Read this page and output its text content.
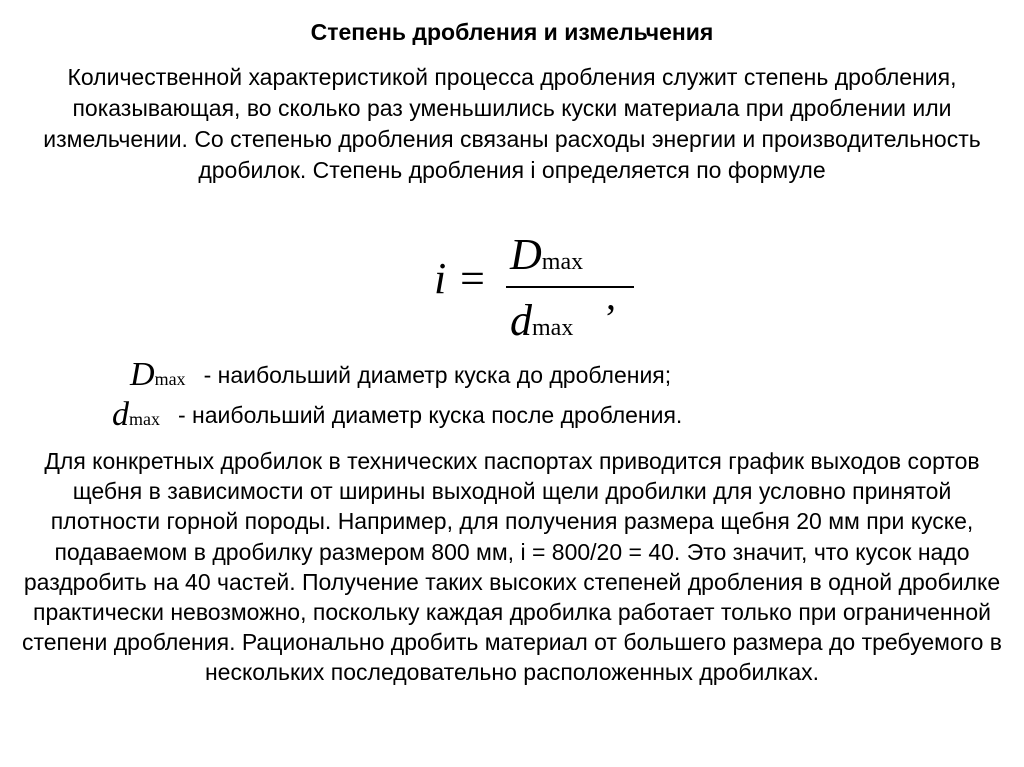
Степень дробления и измельчения
Количественной характеристикой процесса дробления служит степень дробления, показывающая, во сколько раз уменьшились куски материала при дроблении или измельчении. Со степенью дробления связаны расходы энергии и производительность дробилок. Степень дробления i определяется по формуле
i = Dmax
dmax
,
Dmax - наибольший диаметр куска до дробления;
dmax - наибольший диаметр куска после дробления.
Для конкретных дробилок в технических паспортах приводится график выходов сортов щебня в зависимости от ширины выходной щели дробилки для условно принятой плотности горной породы. Например, для получения размера щебня 20 мм при куске, подаваемом в дробилку размером 800 мм, i = 800/20 = 40. Это значит, что кусок надо раздробить на 40 частей. Получение таких высоких степеней дробления в одной дробилке практически невозможно, поскольку каждая дробилка работает только при ограниченной степени дробления. Рационально дробить материал от большего размера до требуемого в нескольких последовательно расположенных дробилках.
